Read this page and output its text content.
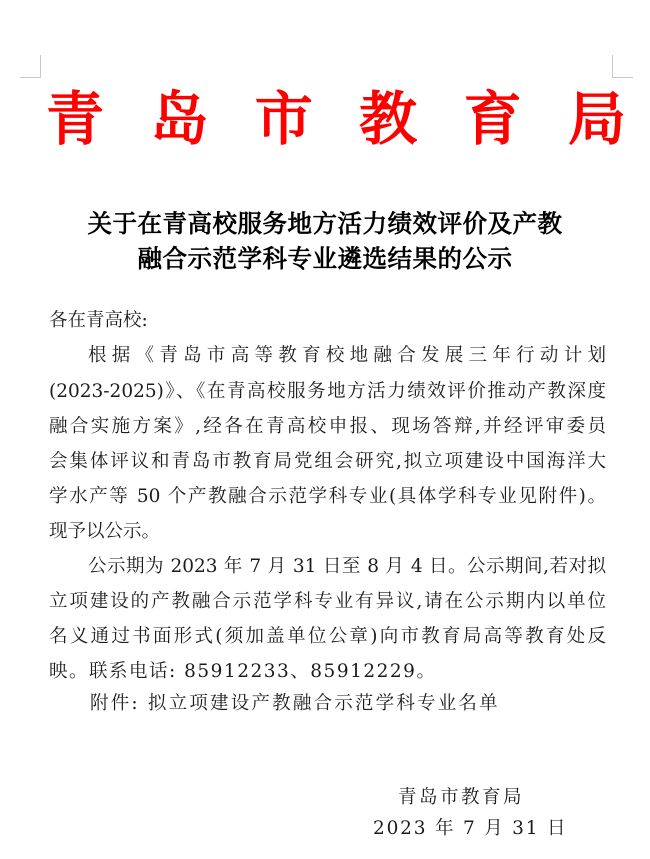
青 岛 市 教 育 局
关于在青高校服务地方活力绩效评价及产教
融合示范学科专业遴选结果的公示
各在青高校:
根据《青岛市高等教育校地融合发展三年行动计划
(2023-2025)》、《在青高校服务地方活力绩效评价推动产教深度
融合实施方案》,经各在青高校申报、现场答辩,并经评审委员
会集体评议和青岛市教育局党组会研究,拟立项建设中国海洋大
学水产等 50 个产教融合示范学科专业(具体学科专业见附件)。
现予以公示。
公示期为 2023 年 7 月 31 日至 8 月 4 日。公示期间,若对拟
立项建设的产教融合示范学科专业有异议,请在公示期内以单位
名义通过书面形式(须加盖单位公章)向市教育局高等教育处反
映。联系电话: 85912233、85912229。
附件: 拟立项建设产教融合示范学科专业名单
青岛市教育局
2023 年 7 月 31 日
